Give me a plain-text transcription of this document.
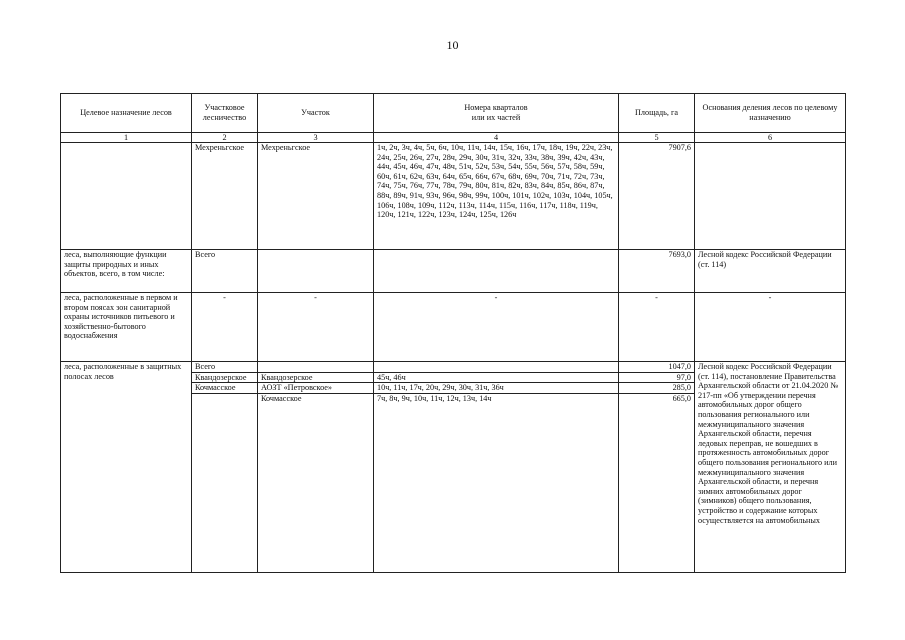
10
Целевое назначение лесов	Участковое лесничество	Участок	Номера кварталов
или их частей	Площадь, га	Основания деления лесов по целевому назначению
1	2	3	4	5	6
	Мехреньгское	Мехреньгское	1ч, 2ч, 3ч, 4ч, 5ч, 6ч, 10ч, 11ч, 14ч, 15ч, 16ч, 17ч, 18ч, 19ч, 22ч, 23ч, 24ч, 25ч, 26ч, 27ч, 28ч, 29ч, 30ч, 31ч, 32ч, 33ч, 38ч, 39ч, 42ч, 43ч, 44ч, 45ч, 46ч, 47ч, 48ч, 51ч, 52ч, 53ч, 54ч, 55ч, 56ч, 57ч, 58ч, 59ч, 60ч, 61ч, 62ч, 63ч, 64ч, 65ч, 66ч, 67ч, 68ч, 69ч, 70ч, 71ч, 72ч, 73ч, 74ч, 75ч, 76ч, 77ч, 78ч, 79ч, 80ч, 81ч, 82ч, 83ч, 84ч, 85ч, 86ч, 87ч, 88ч, 89ч, 91ч, 93ч, 96ч, 98ч, 99ч, 100ч, 101ч, 102ч, 103ч, 104ч, 105ч, 106ч, 108ч, 109ч, 112ч, 113ч, 114ч, 115ч, 116ч, 117ч, 118ч, 119ч, 120ч, 121ч, 122ч, 123ч, 124ч, 125ч, 126ч	7907,6	
леса, выполняющие функции защиты природных и иных объектов, всего, в том числе:	Всего			7693,0	Лесной кодекс Российской Федерации (ст. 114)
леса, расположенные в первом и втором поясах зон санитарной охраны источников питьевого и хозяйственно-бытового водоснабжения	-	-	-	-	-
леса, расположенные в защитных полосах лесов	Всего			1047,0	Лесной кодекс Российской Федерации (ст. 114), постановление Правительства Архангельской области от 21.04.2020 № 217-пп «Об утверждении перечня автомобильных дорог общего пользования регионального или межмуниципального значения Архангельской области, перечня ледовых переправ, не вошедших в протяженность автомобильных дорог общего пользования регионального или межмуниципального значения Архангельской области, и перечня зимних автомобильных дорог (зимников) общего пользования, устройство и содержание которых осуществляется на автомобильных
	Квандозерское	Квандозерское	45ч, 46ч	97,0	
	Кочмасское	АОЗТ «Петровское»	10ч, 11ч, 17ч, 20ч, 29ч, 30ч, 31ч, 36ч	285,0	
		Кочмасское	7ч, 8ч, 9ч, 10ч, 11ч, 12ч, 13ч, 14ч	665,0	
